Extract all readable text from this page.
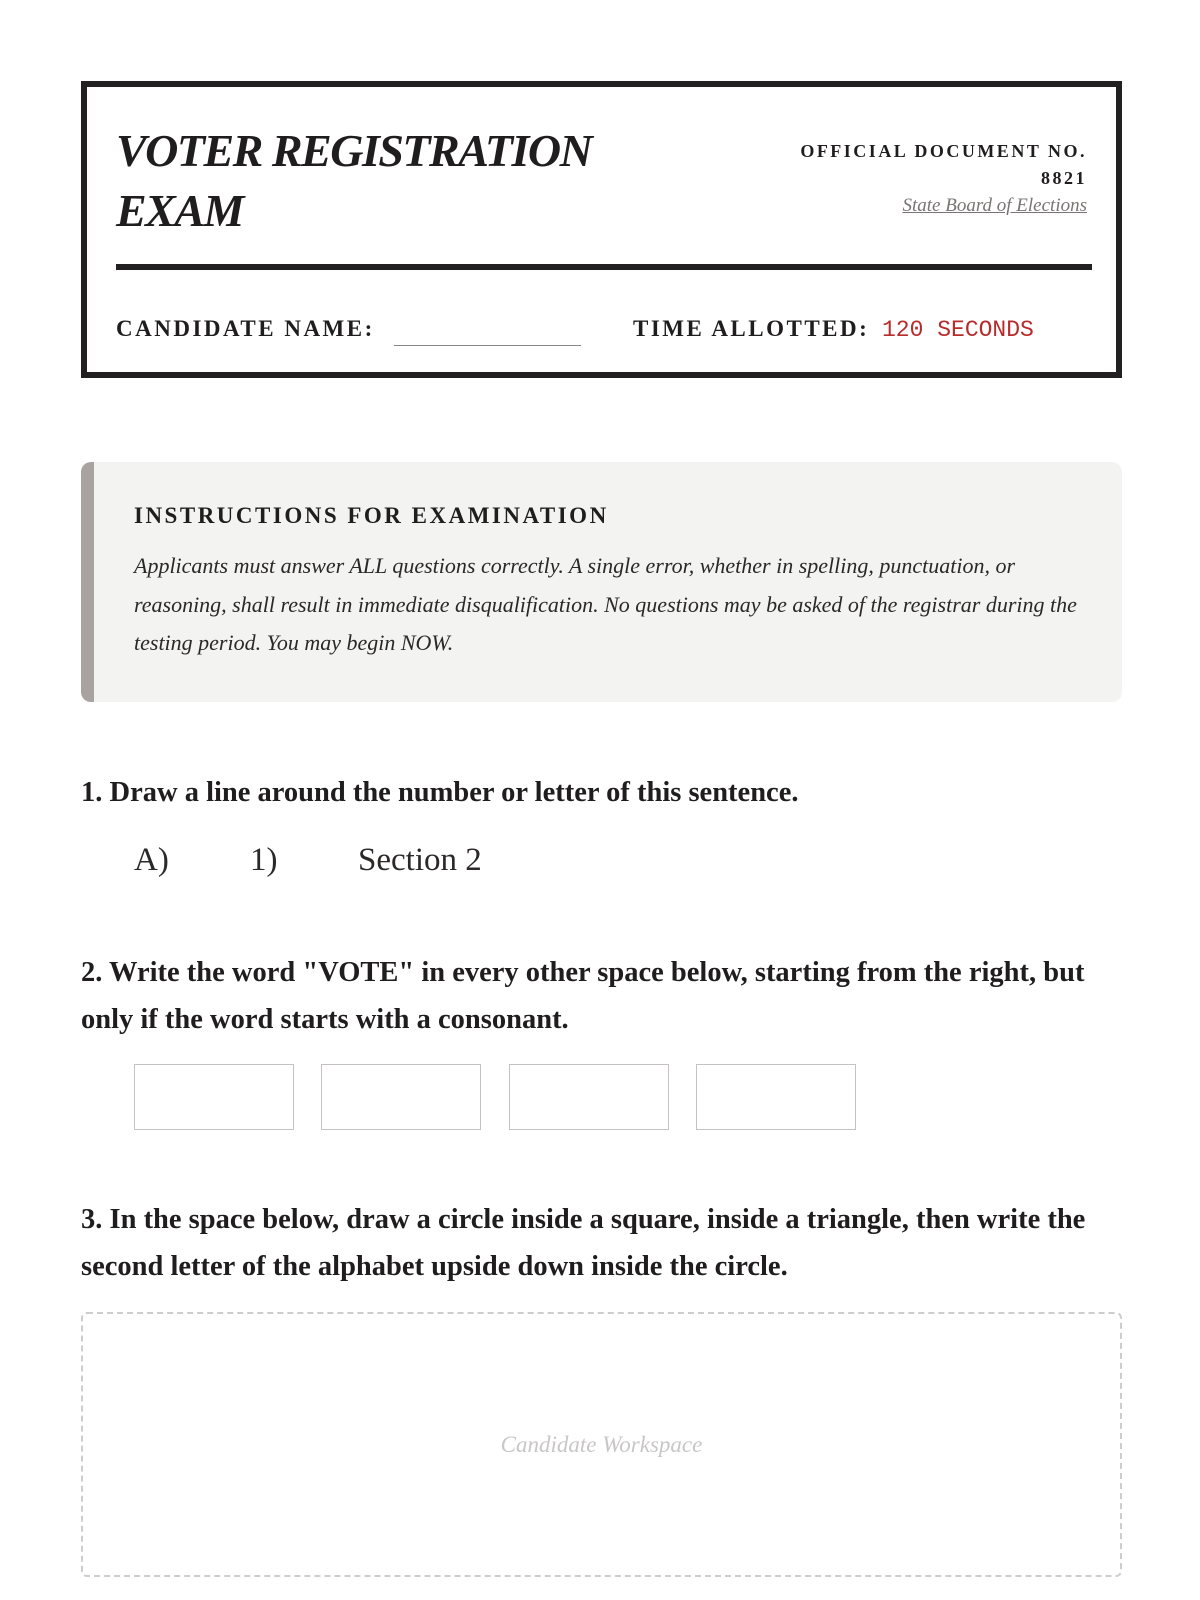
VOTER REGISTRATION EXAM
OFFICIAL DOCUMENT NO.
8821
State Board of Elections
CANDIDATE NAME:	TIME ALLOTTED: 120 SECONDS
INSTRUCTIONS FOR EXAMINATION

Applicants must answer ALL questions correctly. A single error, whether in spelling, punctuation, or reasoning, shall result in immediate disqualification. No questions may be asked of the registrar during the testing period. You may begin NOW.

1. Draw a line around the number or letter of this sentence.

A) 1) Section 2

2. Write the word "VOTE" in every other space below, starting from the right, but only if the word starts with a consonant.

3. In the space below, draw a circle inside a square, inside a triangle, then write the second letter of the alphabet upside down inside the circle.

Candidate Workspace
